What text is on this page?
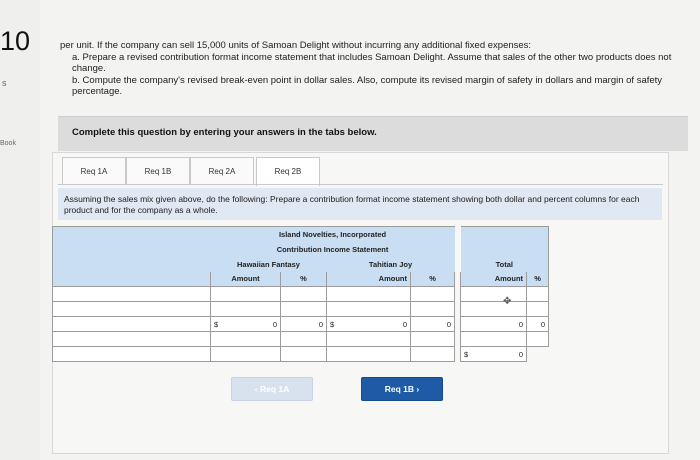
10
s
Book
per unit. If the company can sell 15,000 units of Samoan Delight without incurring any additional fixed expenses:
a. Prepare a revised contribution format income statement that includes Samoan Delight. Assume that sales of the other two products does not change.
b. Compute the company's revised break-even point in dollar sales. Also, compute its revised margin of safety in dollars and margin of safety percentage.
Complete this question by entering your answers in the tabs below.
Req 1A	Req 1B	Req 2A	Req 2B
Assuming the sales mix given above, do the following: Prepare a contribution format income statement showing both dollar and percent columns for each product and for the company as a whole.
	Island Novelties, Incorporated						
	Contribution Income Statement						
	Hawaiian Fantasy		Tahitian Joy			Total	
	Amount	%	Amount	%		Amount	%

	$ 0	0	$ 0	0		0	0

						$ 0	

✥
‹ Req 1A	Req 1B ›
